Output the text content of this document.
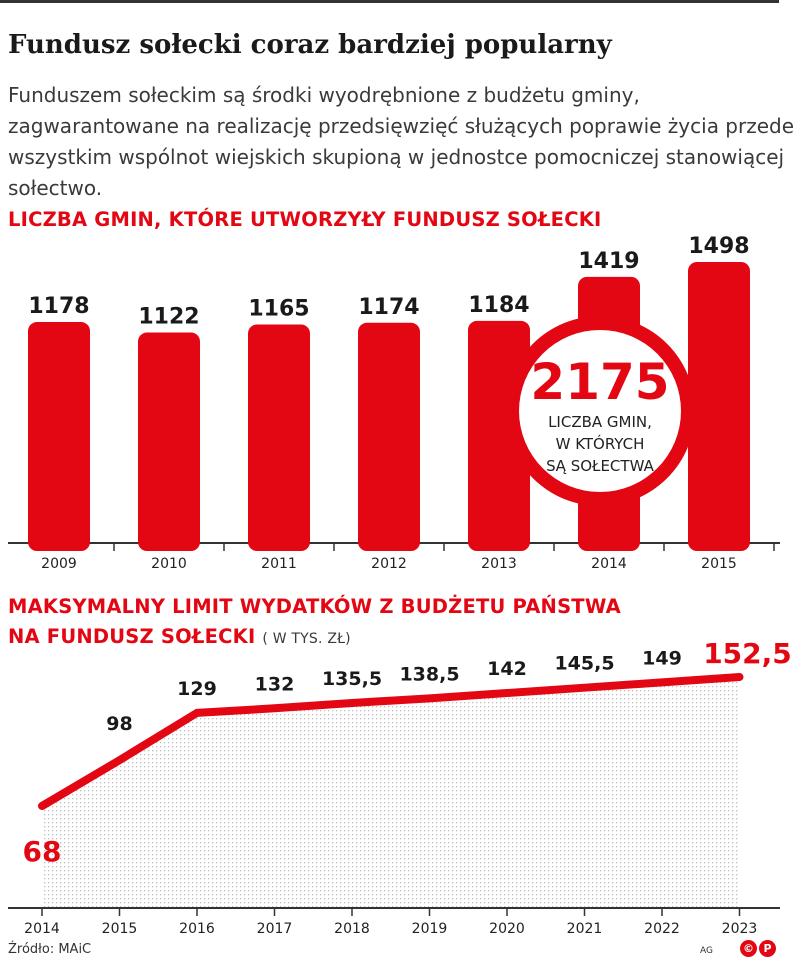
Fundusz sołecki coraz bardziej popularny
Funduszem sołeckim są środki wyodrębnione z budżetu gminy, zagwarantowane na realizację przedsięwzięć służących poprawie życia przede wszystkim wspólnot wiejskich skupioną w jednostce pomocniczej stanowiącej sołectwo.
LICZBA GMIN, KTÓRE UTWORZYŁY FUNDUSZ SOŁECKI
1178
2009
1122
2010
1165
2011
1174
2012
1184
2013
1419
2014
1498
2015
2175
LICZBA GMIN,
W KTÓRYCH
SĄ SOŁECTWA
MAKSYMALNY LIMIT WYDATKÓW Z BUDŻETU PAŃSTWA
NA FUNDUSZ SOŁECKI ( W TYS. ZŁ)
68
2014
98
2015
129
2016
132
2017
135,5
2018
138,5
2019
142
2020
145,5
2021
149
2022
152,5
2023
Źródło: MAiC	AG	© P
